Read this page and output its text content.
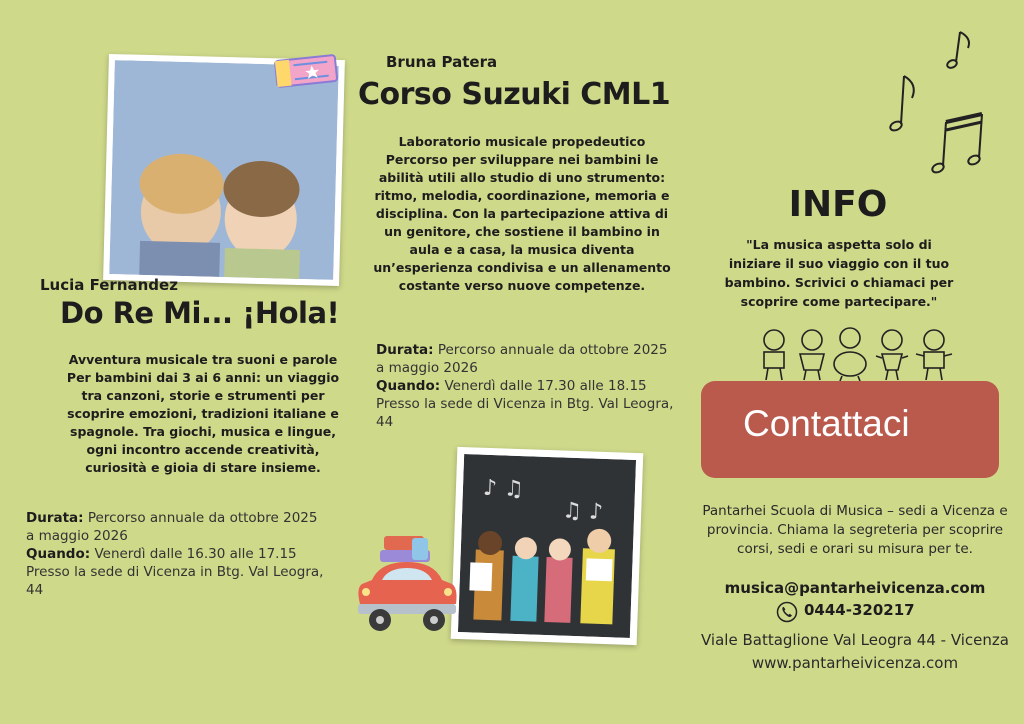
Bruna Patera
Corso Suzuki CML1
Laboratorio musicale propedeutico
Percorso per sviluppare nei bambini le
abilità utili allo studio di uno strumento:
ritmo, melodia, coordinazione, memoria e
disciplina. Con la partecipazione attiva di
un genitore, che sostiene il bambino in
aula e a casa, la musica diventa
un’esperienza condivisa e un allenamento
costante verso nuove competenze.
Durata: Percorso annuale da ottobre 2025
a maggio 2026
Quando: Venerdì dalle 17.30 alle 18.15
Presso la sede di Vicenza in Btg. Val Leogra, 44
Lucia Fernandez
Do Re Mi... ¡Hola!
Avventura musicale tra suoni e parole
Per bambini dai 3 ai 6 anni: un viaggio
tra canzoni, storie e strumenti per
scoprire emozioni, tradizioni italiane e
spagnole. Tra giochi, musica e lingue,
ogni incontro accende creatività,
curiosità e gioia di stare insieme.
Durata: Percorso annuale da ottobre 2025
a maggio 2026
Quando: Venerdì dalle 16.30 alle 17.15
Presso la sede di Vicenza in Btg. Val Leogra, 44
♪ ♫
♫ ♪
INFO
"La musica aspetta solo di
iniziare il suo viaggio con il tuo
bambino. Scrivici o chiamaci per
scoprire come partecipare."
Contattaci
Pantarhei Scuola di Musica – sedi a Vicenza e
provincia. Chiama la segreteria per scoprire
corsi, sedi e orari su misura per te.
musica@pantarheivicenza.com
0444-320217
Viale Battaglione Val Leogra 44 - Vicenza
www.pantarheivicenza.com
